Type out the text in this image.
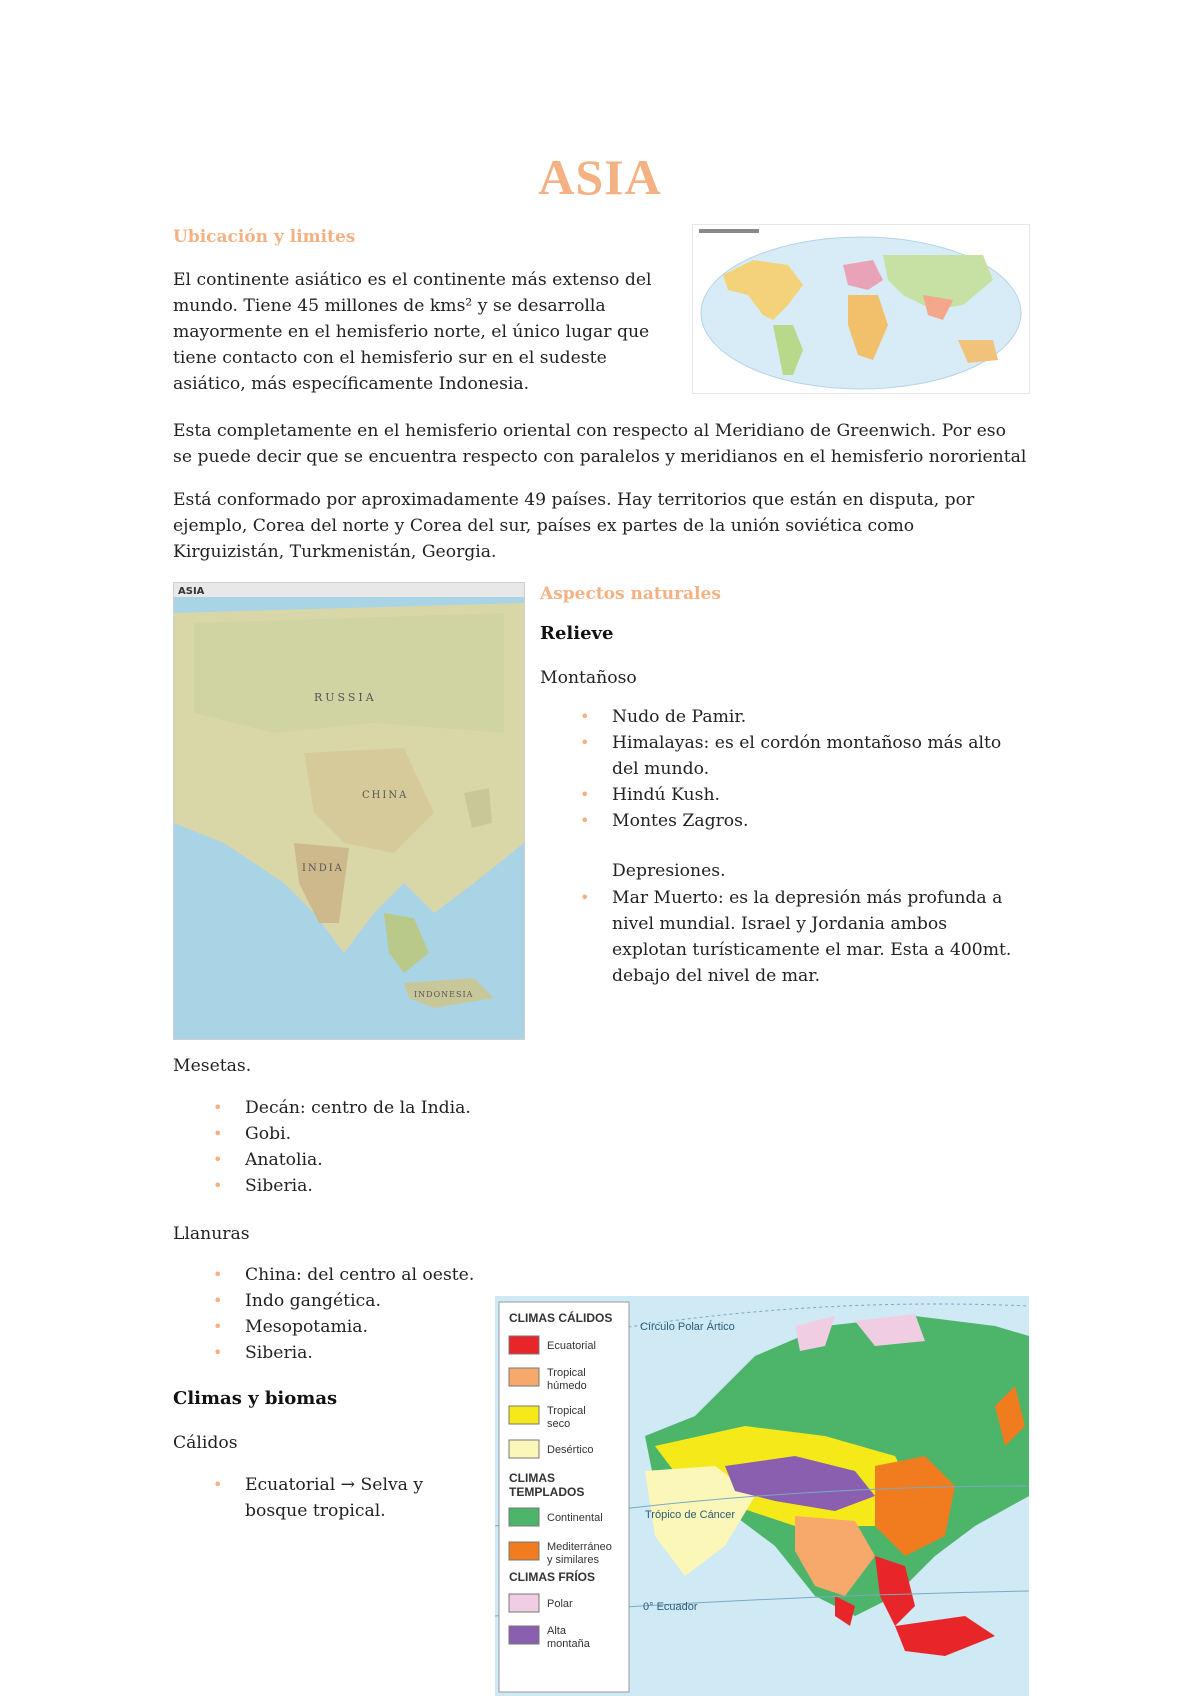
ASIA
Ubicación y limites

El continente asiático es el continente más extenso del

mundo. Tiene 45 millones de kms² y se desarrolla

mayormente en el hemisferio norte, el único lugar que

tiene contacto con el hemisferio sur en el sudeste

asiático, más específicamente Indonesia.

Esta completamente en el hemisferio oriental con respecto al Meridiano de Greenwich. Por eso

se puede decir que se encuentra respecto con paralelos y meridianos en el hemisferio nororiental

Está conformado por aproximadamente 49 países. Hay territorios que están en disputa, por

ejemplo, Corea del norte y Corea del sur, países ex partes de la unión soviética como

Kirguizistán, Turkmenistán, Georgia.

ASIA
RUSSIA
CHINA
INDIA
INDONESIA
Aspectos naturales
Relieve

Montañoso

• Nudo de Pamir.
• Himalayas: es el cordón montañoso más alto
del mundo.
• Hindú Kush.
• Montes Zagros.

Depresiones.

• Mar Muerto: es la depresión más profunda a
nivel mundial. Israel y Jordania ambos
explotan turísticamente el mar. Esta a 400mt.
debajo del nivel de mar.

Mesetas.

• Decán: centro de la India.
• Gobi.
• Anatolia.
• Siberia.

Llanuras

• China: del centro al oeste.
• Indo gangética.
• Mesopotamia.
• Siberia.
Climas y biomas

Cálidos

• Ecuatorial → Selva y
bosque tropical.
Círculo Polar Ártico
Trópico de Cáncer
0° Ecuador
CLIMAS CÁLIDOS
CLIMAS
TEMPLADOS
CLIMAS FRÍOS
Ecuatorial
Tropical
húmedo
Tropical
seco
Desértico
Continental
Mediterráneo
y similares
Polar
Alta
montaña
